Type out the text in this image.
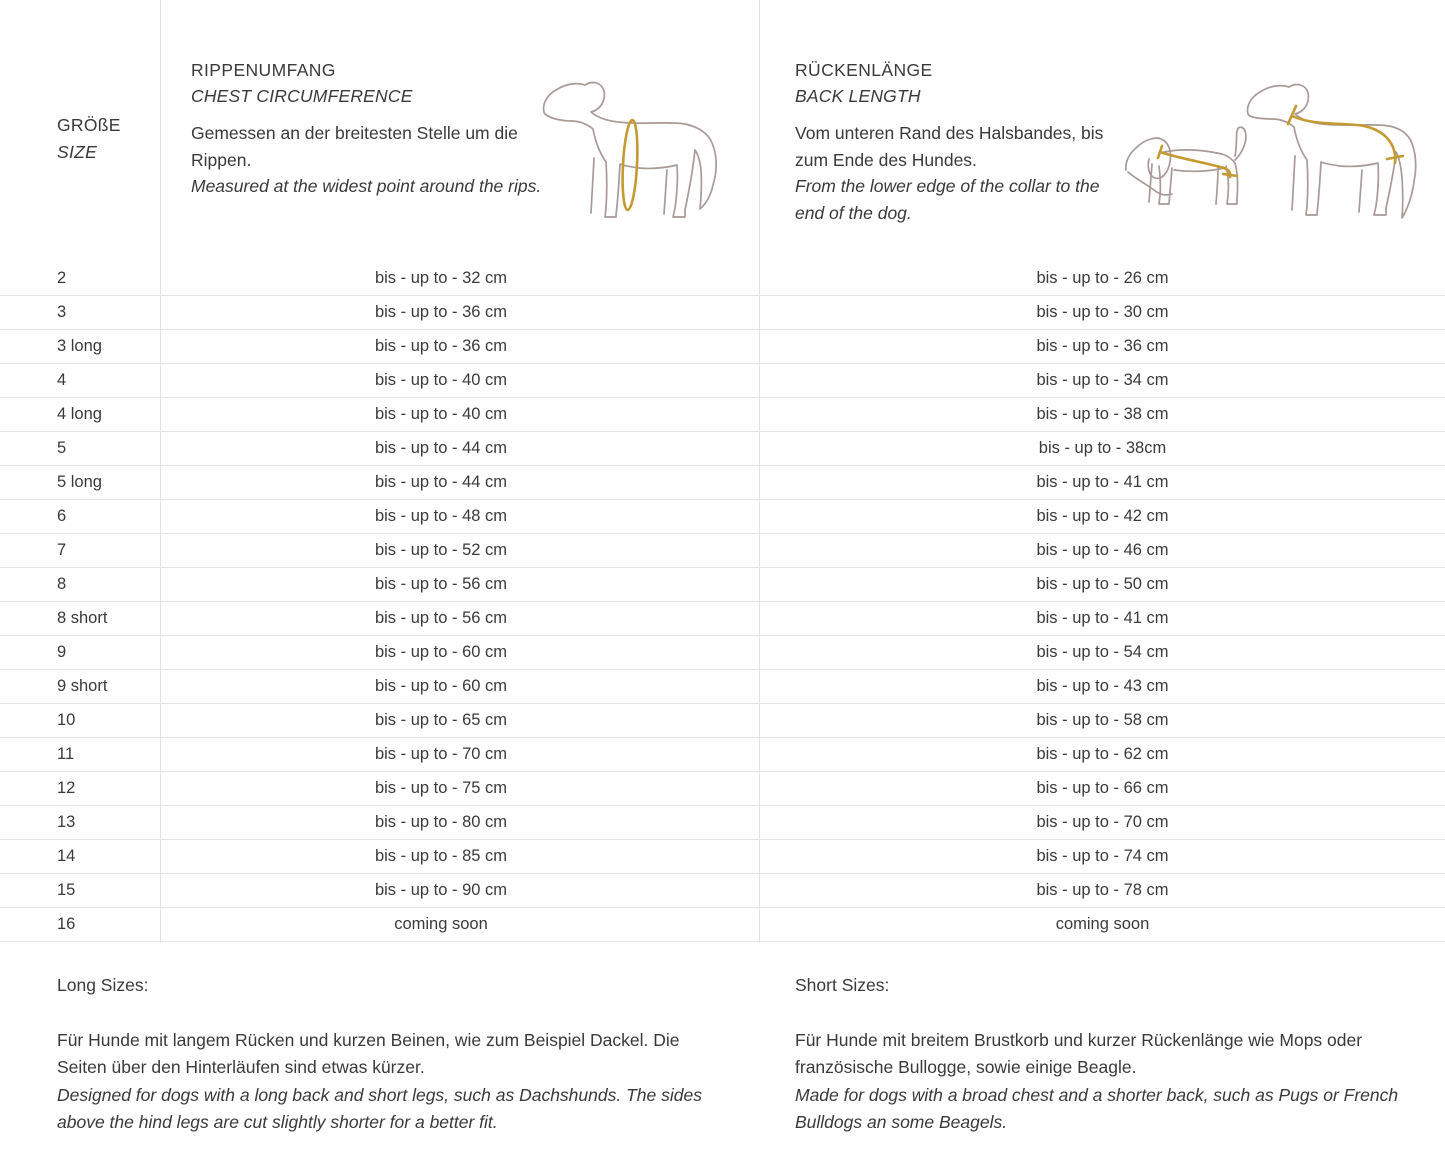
GRÖßE
SIZE
RIPPENUMFANG
CHEST CIRCUMFERENCE
Gemessen an der breitesten Stelle um die Rippen.
Measured at the widest point around the rips.
RÜCKENLÄNGE
BACK LENGTH
Vom unteren Rand des Halsbandes, bis zum Ende des Hundes.
From the lower edge of the collar to the end of the dog.
2	bis - up to - 32 cm	bis - up to - 26 cm
3	bis - up to - 36 cm	bis - up to - 30 cm
3 long	bis - up to - 36 cm	bis - up to - 36 cm
4	bis - up to - 40 cm	bis - up to - 34 cm
4 long	bis - up to - 40 cm	bis - up to - 38 cm
5	bis - up to - 44 cm	bis - up to - 38cm
5 long	bis - up to - 44 cm	bis - up to - 41 cm
6	bis - up to - 48 cm	bis - up to - 42 cm
7	bis - up to - 52 cm	bis - up to - 46 cm
8	bis - up to - 56 cm	bis - up to - 50 cm
8 short	bis - up to - 56 cm	bis - up to - 41 cm
9	bis - up to - 60 cm	bis - up to - 54 cm
9 short	bis - up to - 60 cm	bis - up to - 43 cm
10	bis - up to - 65 cm	bis - up to - 58 cm
11	bis - up to - 70 cm	bis - up to - 62 cm
12	bis - up to - 75 cm	bis - up to - 66 cm
13	bis - up to - 80 cm	bis - up to - 70 cm
14	bis - up to - 85 cm	bis - up to - 74 cm
15	bis - up to - 90 cm	bis - up to - 78 cm
16	coming soon	coming soon
Long Sizes:
Für Hunde mit langem Rücken und kurzen Beinen, wie zum Beispiel Dackel. Die Seiten über den Hinterläufen sind etwas kürzer.
Designed for dogs with a long back and short legs, such as Dachshunds. The sides above the hind legs are cut slightly shorter for a better fit.
Short Sizes:
Für Hunde mit breitem Brustkorb und kurzer Rückenlänge wie Mops oder französische Bullogge, sowie einige Beagle.
Made for dogs with a broad chest and a shorter back, such as Pugs or French Bulldogs an some Beagels.
